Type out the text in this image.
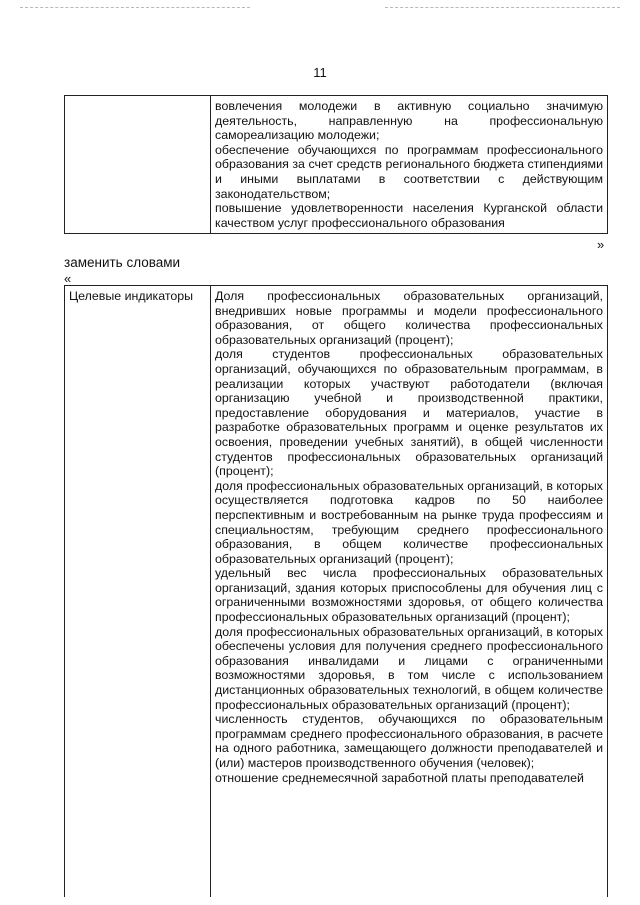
11

вовлечения молодежи в активную социально значимую деятельность, направленную на профессиональную самореализацию молодежи;

обеспечение обучающихся по программам профессионального образования за счет средств регионального бюджета стипендиями и иными выплатами в соответствии с действующим законодательством;

повышение удовлетворенности населения Курганской области качеством услуг профессионального образования

»
заменить словами
«
Целевые индикаторы	Доля профессиональных образовательных организаций, внедривших новые программы и модели профессионального образования, от общего количества профессиональных образовательных организаций (процент);

доля студентов профессиональных образовательных организаций, обучающихся по образовательным программам, в реализации которых участвуют работодатели (включая организацию учебной и производственной практики, предоставление оборудования и материалов, участие в разработке образовательных программ и оценке результатов их освоения, проведении учебных занятий), в общей численности студентов профессиональных образовательных организаций (процент);

доля профессиональных образовательных организаций, в которых осуществляется подготовка кадров по 50 наиболее перспективным и востребованным на рынке труда профессиям и специальностям, требующим среднего профессионального образования, в общем количестве профессиональных образовательных организаций (процент);

удельный вес числа профессиональных образовательных организаций, здания которых приспособлены для обучения лиц с ограниченными возможностями здоровья, от общего количества профессиональных образовательных организаций (процент);

доля профессиональных образовательных организаций, в которых обеспечены условия для получения среднего профессионального образования инвалидами и лицами с ограниченными возможностями здоровья, в том числе с использованием дистанционных образовательных технологий, в общем количестве профессиональных образовательных организаций (процент);

численность студентов, обучающихся по образовательным программам среднего профессионального образования, в расчете на одного работника, замещающего должности преподавателей и (или) мастеров производственного обучения (человек);

отношение среднемесячной заработной платы преподавателей
